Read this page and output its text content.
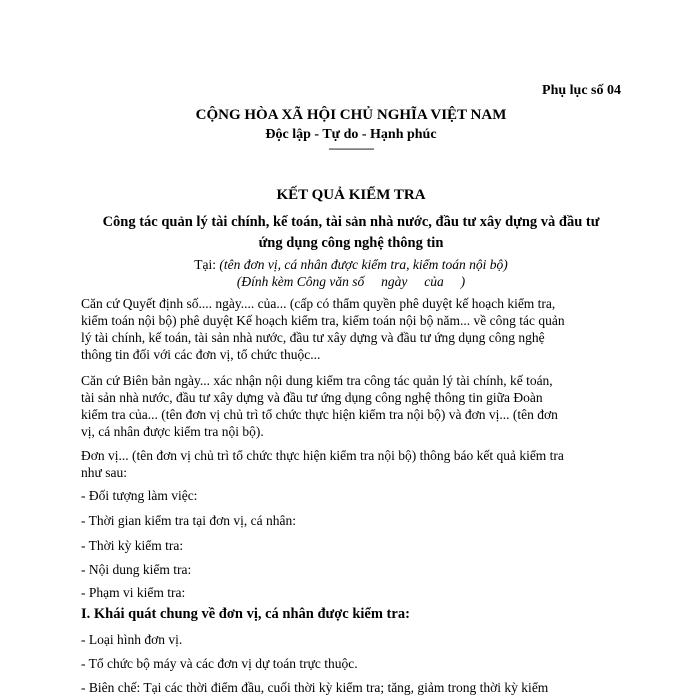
Phụ lục số 04
CỘNG HÒA XÃ HỘI CHỦ NGHĨA VIỆT NAM
Độc lập - Tự do - Hạnh phúc
---------------
KẾT QUẢ KIỂM TRA
Công tác quản lý tài chính, kế toán, tài sản nhà nước, đầu tư xây dựng và đầu tư
ứng dụng công nghệ thông tin
Tại: (tên đơn vị, cá nhân được kiểm tra, kiểm toán nội bộ)
(Đính kèm Công văn số     ngày     của     )
Căn cứ Quyết định số.... ngày.... của... (cấp có thẩm quyền phê duyệt kế hoạch kiểm tra,
kiểm toán nội bộ) phê duyệt Kế hoạch kiểm tra, kiểm toán nội bộ năm... về công tác quản
lý tài chính, kế toán, tài sản nhà nước, đầu tư xây dựng và đầu tư ứng dụng công nghệ
thông tin đối với các đơn vị, tổ chức thuộc...
Căn cứ Biên bản ngày... xác nhận nội dung kiểm tra công tác quản lý tài chính, kế toán,
tài sản nhà nước, đầu tư xây dựng và đầu tư ứng dụng công nghệ thông tin giữa Đoàn
kiểm tra của... (tên đơn vị chủ trì tổ chức thực hiện kiểm tra nội bộ) và đơn vị... (tên đơn
vị, cá nhân được kiểm tra nội bộ).
Đơn vị... (tên đơn vị chủ trì tổ chức thực hiện kiểm tra nội bộ) thông báo kết quả kiểm tra
như sau:
- Đối tượng làm việc:
- Thời gian kiểm tra tại đơn vị, cá nhân:
- Thời kỳ kiểm tra:
- Nội dung kiểm tra:
- Phạm vi kiểm tra:
I. Khái quát chung về đơn vị, cá nhân được kiểm tra:
- Loại hình đơn vị.
- Tổ chức bộ máy và các đơn vị dự toán trực thuộc.
- Biên chế: Tại các thời điểm đầu, cuối thời kỳ kiểm tra; tăng, giảm trong thời kỳ kiểm
